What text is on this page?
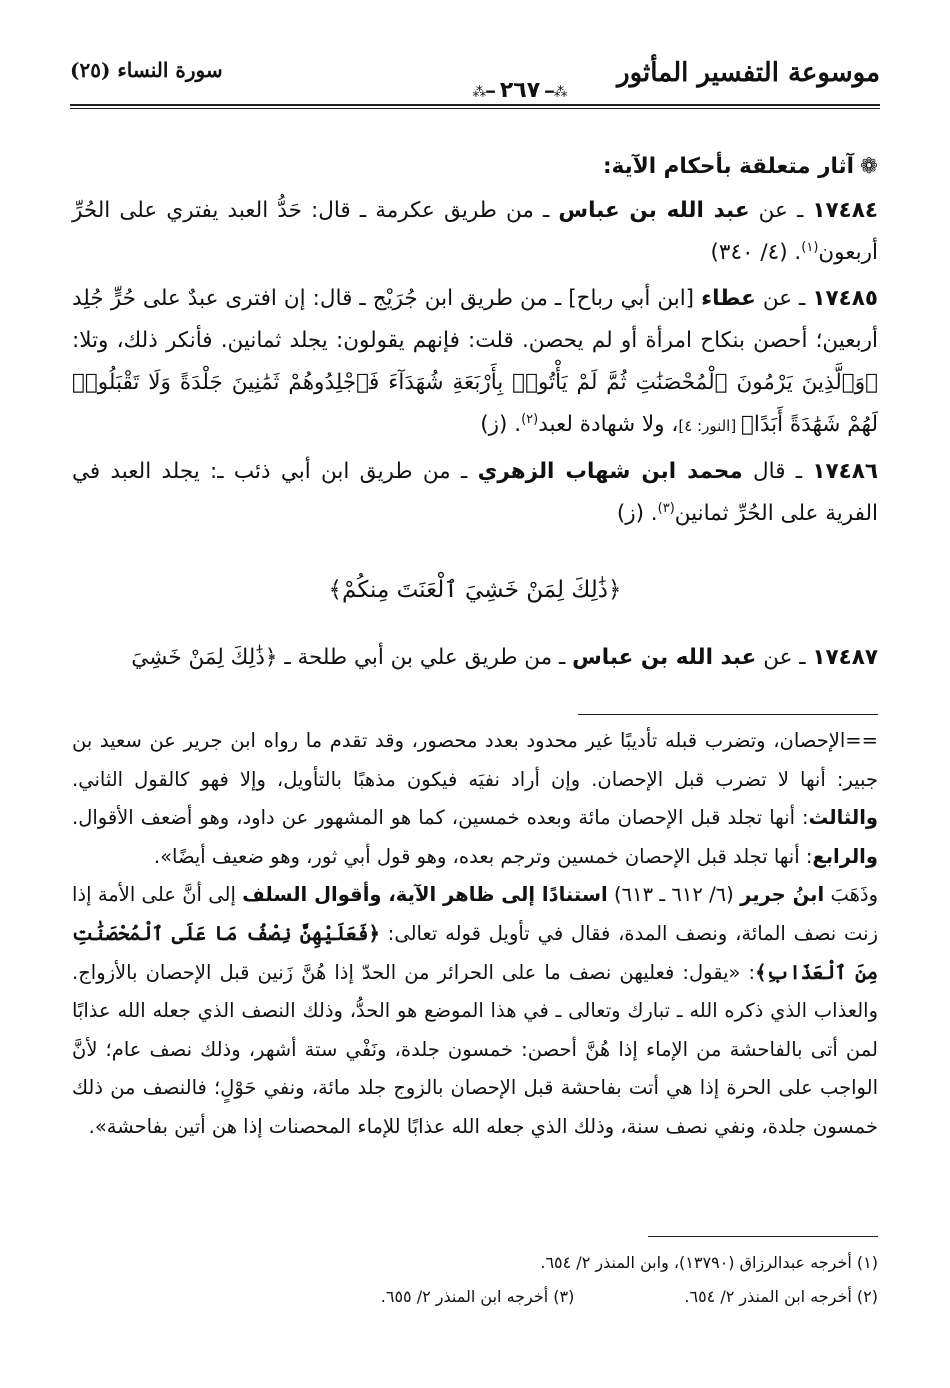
موسوعة التفسير المأثور
⁂━ ٢٦٧ ━⁂
سورة النساء (٢٥)
❁آثار متعلقة بأحكام الآية:
١٧٤٨٤ ـ عن عبد الله بن عباس ـ من طريق عكرمة ـ قال: حَدُّ العبد يفتري على الحُرِّ أربعون$^{(١)}$. (٤/ ٣٤٠)
١٧٤٨٥ ـ عن عطاء [ابن أبي رباح] ـ من طريق ابن جُرَيْج ـ قال: إن افترى عبدٌ على حُرٍّ جُلِد أربعين؛ أحصن بنكاح امرأة أو لم يحصن. قلت: فإنهم يقولون: يجلد ثمانين. فأنكر ذلك، وتلا: ﴿وَٱلَّذِينَ يَرْمُونَ ٱلْمُحْصَنَٰتِ ثُمَّ لَمْ يَأْتُوا۟ بِأَرْبَعَةِ شُهَدَآءَ فَٱجْلِدُوهُمْ ثَمَٰنِينَ جَلْدَةً وَلَا تَقْبَلُوا۟ لَهُمْ شَهَٰدَةً أَبَدًا﴾ [النور: ٤]، ولا شهادة لعبد$^{(٢)}$. (ز)
١٧٤٨٦ ـ قال محمد ابن شهاب الزهري ـ من طريق ابن أبي ذئب ـ: يجلد العبد في الفرية على الحُرِّ ثمانين$^{(٣)}$. (ز)
﴿ذَٰلِكَ لِمَنْ خَشِيَ ٱلْعَنَتَ مِنكُمْ﴾
١٧٤٨٧ ـ عن عبد الله بن عباس ـ من طريق علي بن أبي طلحة ـ ﴿ذَٰلِكَ لِمَنْ خَشِيَ
==الإحصان، وتضرب قبله تأديبًا غير محدود بعدد محصور، وقد تقدم ما رواه ابن جرير عن سعيد بن جبير: أنها لا تضرب قبل الإحصان. وإن أراد نفيَه فيكون مذهبًا بالتأويل، وإلا فهو كالقول الثاني. والثالث: أنها تجلد قبل الإحصان مائة وبعده خمسين، كما هو المشهور عن داود، وهو أضعف الأقوال. والرابع: أنها تجلد قبل الإحصان خمسين وترجم بعده، وهو قول أبي ثور، وهو ضعيف أيضًا».
وذَهَبَ ابنُ جرير (٦/ ٦١٢ ـ ٦١٣) استنادًا إلى ظاهر الآية، وأقوال السلف إلى أنَّ على الأمة إذا زنت نصف المائة، ونصف المدة، فقال في تأويل قوله تعالى: ﴿فَعَلَيْهِنَّ نِصْفُ مَا عَلَى ٱلْمُحْصَنَٰتِ مِنَ ٱلْعَذَابِ﴾: «يقول: فعليهن نصف ما على الحرائر من الحدّ إذا هُنَّ زَنين قبل الإحصان بالأزواج. والعذاب الذي ذكره الله ـ تبارك وتعالى ـ في هذا الموضع هو الحدُّ، وذلك النصف الذي جعله الله عذابًا لمن أتى بالفاحشة من الإماء إذا هُنَّ أحصن: خمسون جلدة، ونَفْي ستة أشهر، وذلك نصف عام؛ لأنَّ الواجب على الحرة إذا هي أتت بفاحشة قبل الإحصان بالزوج جلد مائة، ونفي حَوْلٍ؛ فالنصف من ذلك خمسون جلدة، ونفي نصف سنة، وذلك الذي جعله الله عذابًا للإماء المحصنات إذا هن أتين بفاحشة».
(١) أخرجه عبدالرزاق (١٣٧٩٠)، وابن المنذر ٢/ ٦٥٤.
(٢) أخرجه ابن المنذر ٢/ ٦٥٤.
(٣) أخرجه ابن المنذر ٢/ ٦٥٥.
